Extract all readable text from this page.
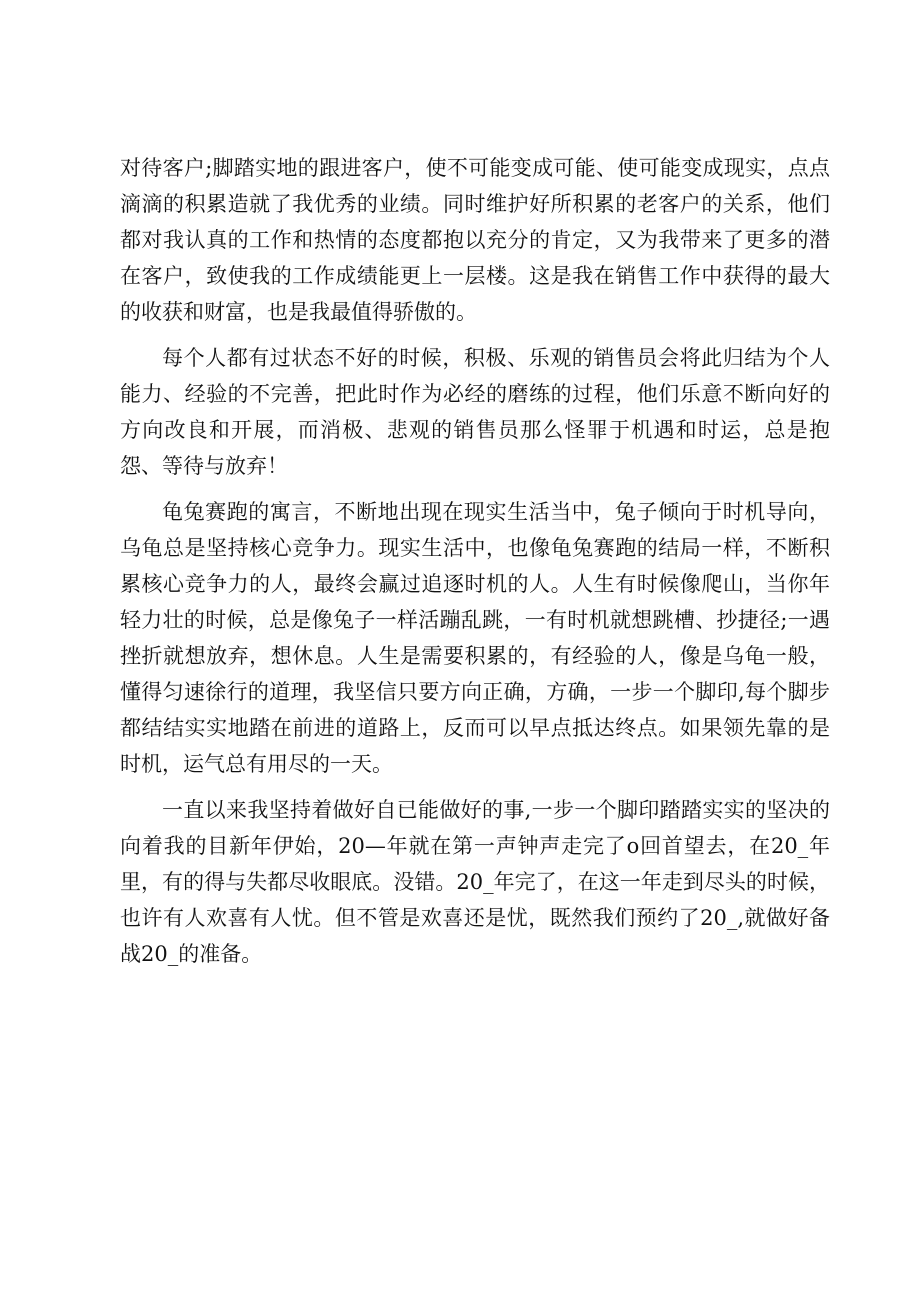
对待客户;脚踏实地的跟进客户，使不可能变成可能、使可能变成现实，点点滴滴的积累造就了我优秀的业绩。同时维护好所积累的老客户的关系，他们都对我认真的工作和热情的态度都抱以充分的肯定，又为我带来了更多的潜在客户，致使我的工作成绩能更上一层楼。这是我在销售工作中获得的最大的收获和财富，也是我最值得骄傲的。

每个人都有过状态不好的时候，积极、乐观的销售员会将此归结为个人能力、经验的不完善，把此时作为必经的磨练的过程，他们乐意不断向好的方向改良和开展，而消极、悲观的销售员那么怪罪于机遇和时运，总是抱怨、等待与放弃！

龟兔赛跑的寓言，不断地出现在现实生活当中，兔子倾向于时机导向，乌龟总是坚持核心竞争力。现实生活中，也像龟兔赛跑的结局一样，不断积累核心竞争力的人，最终会赢过追逐时机的人。人生有时候像爬山，当你年轻力壮的时候，总是像兔子一样活蹦乱跳，一有时机就想跳槽、抄捷径;一遇挫折就想放弃，想休息。人生是需要积累的，有经验的人，像是乌龟一般，懂得匀速徐行的道理，我坚信只要方向正确，方确，一步一个脚印,每个脚步都结结实实地踏在前进的道路上，反而可以早点抵达终点。如果领先靠的是时机，运气总有用尽的一天。

一直以来我坚持着做好自已能做好的事,一步一个脚印踏踏实实的坚决的向着我的目新年伊始，20—年就在第一声钟声走完了o回首望去，在20_年里，有的得与失都尽收眼底。没错。20_年完了，在这一年走到尽头的时候，也许有人欢喜有人忧。但不管是欢喜还是忧，既然我们预约了20_,就做好备战20_的准备。
